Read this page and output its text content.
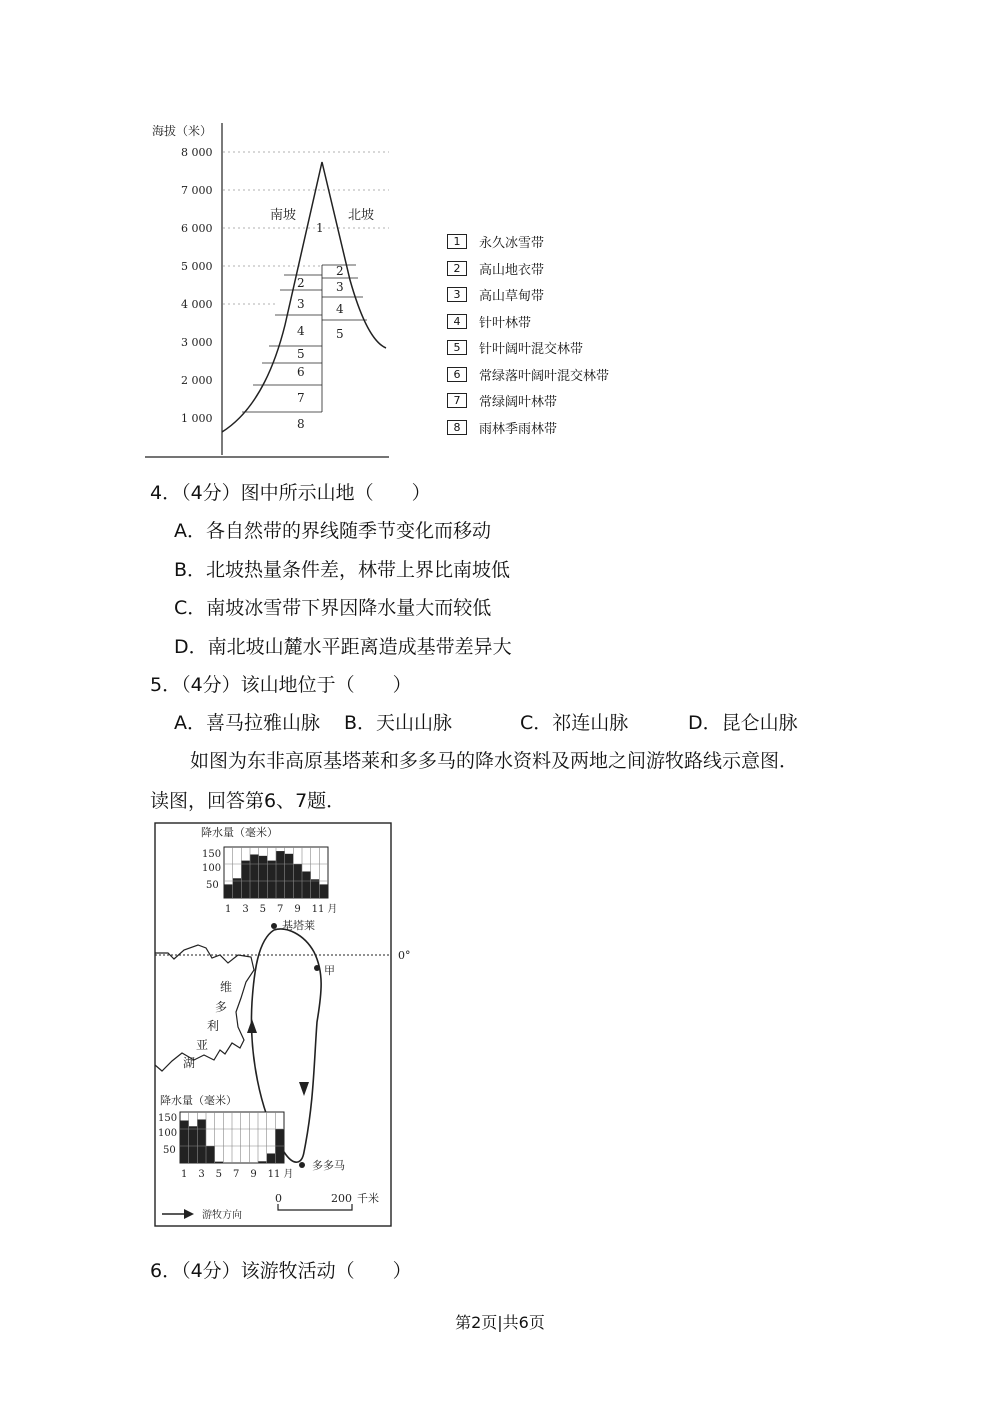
海拔（米）
8 000
7 000
6 000
5 000
4 000
3 000
2 000
1 000
南坡	北坡
1
2
3
4
5
6
7
8
2
3
4
5
1 永久冰雪带
2 高山地衣带
3 高山草甸带
4 针叶林带
5 针叶阔叶混交林带
6 常绿落叶阔叶混交林带
7 常绿阔叶林带
8 雨林季雨林带
4．（4分）图中所示山地（　　）
A．各自然带的界线随季节变化而移动
B．北坡热量条件差，林带上界比南坡低
C．南坡冰雪带下界因降水量大而较低
D．南北坡山麓水平距离造成基带差异大
5．（4分）该山地位于（　　）
A．喜马拉雅山脉 B．天山山脉	C．祁连山脉	D．昆仑山脉
如图为东非高原基塔莱和多多马的降水资料及两地之间游牧路线示意图．
读图，回答第6、7题．
降水量（毫米）
150
100
50
1 3 5 7 9 11 月
0°
维
多
利
亚
湖
基塔莱
甲
多多马
降水量（毫米）
150
100
50
1 3 5 7 9 11 月
游牧方向
0	200 千米
6．（4分）该游牧活动（　　）
第2页|共6页
